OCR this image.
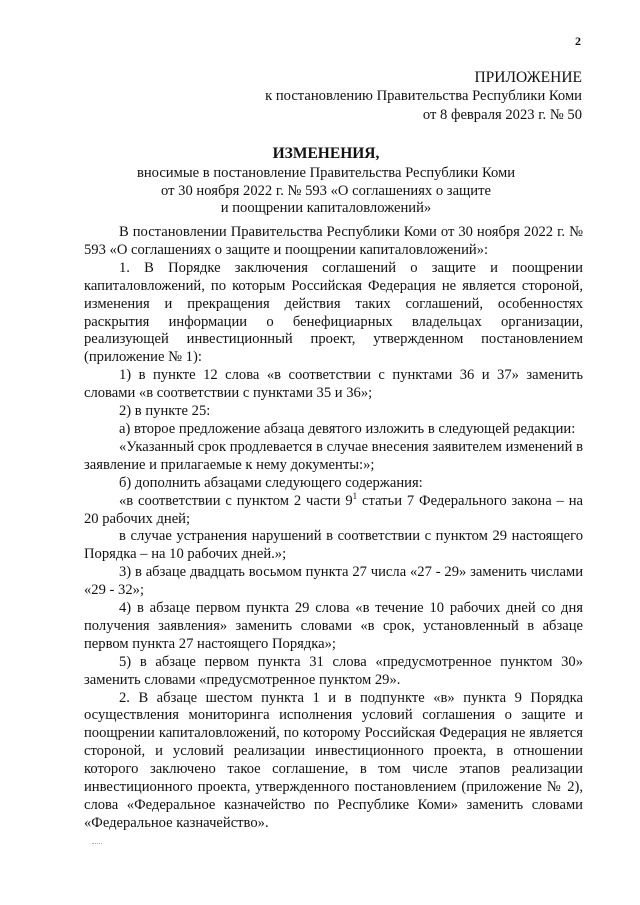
2
ПРИЛОЖЕНИЕ
к постановлению Правительства Республики Коми
от 8 февраля 2023 г. № 50
ИЗМЕНЕНИЯ,
вносимые в постановление Правительства Республики Коми
от 30 ноября 2022 г. № 593 «О соглашениях о защите
и поощрении капиталовложений»

В постановлении Правительства Республики Коми от 30 ноября 2022 г. № 593 «О соглашениях о защите и поощрении капиталовложений»:

1. В Порядке заключения соглашений о защите и поощрении капиталовложений, по которым Российская Федерация не является стороной, изменения и прекращения действия таких соглашений, особенностях раскрытия информации о бенефициарных владельцах организации, реализующей инвестиционный проект, утвержденном постановлением (приложение № 1):

1) в пункте 12 слова «в соответствии с пунктами 36 и 37» заменить словами «в соответствии с пунктами 35 и 36»;

2) в пункте 25:

а) второе предложение абзаца девятого изложить в следующей редакции:

«Указанный срок продлевается в случае внесения заявителем изменений в заявление и прилагаемые к нему документы:»;

б) дополнить абзацами следующего содержания:

«в соответствии с пунктом 2 части $9^1$ статьи 7 Федерального закона – на 20 рабочих дней;

в случае устранения нарушений в соответствии с пунктом 29 настоящего Порядка – на 10 рабочих дней.»;

3) в абзаце двадцать восьмом пункта 27 числа «27 - 29» заменить числами «29 - 32»;

4) в абзаце первом пункта 29 слова «в течение 10 рабочих дней со дня получения заявления» заменить словами «в срок, установленный в абзаце первом пункта 27 настоящего Порядка»;

5) в абзаце первом пункта 31 слова «предусмотренное пунктом 30» заменить словами «предусмотренное пунктом 29».

2. В абзаце шестом пункта 1 и в подпункте «в» пункта 9 Порядка осуществления мониторинга исполнения условий соглашения о защите и поощрении капиталовложений, по которому Российская Федерация не является стороной, и условий реализации инвестиционного проекта, в отношении которого заключено такое соглашение, в том числе этапов реализации инвестиционного проекта, утвержденного постановлением (приложение № 2), слова «Федеральное казначейство по Республике Коми» заменить словами «Федеральное казначейство».
